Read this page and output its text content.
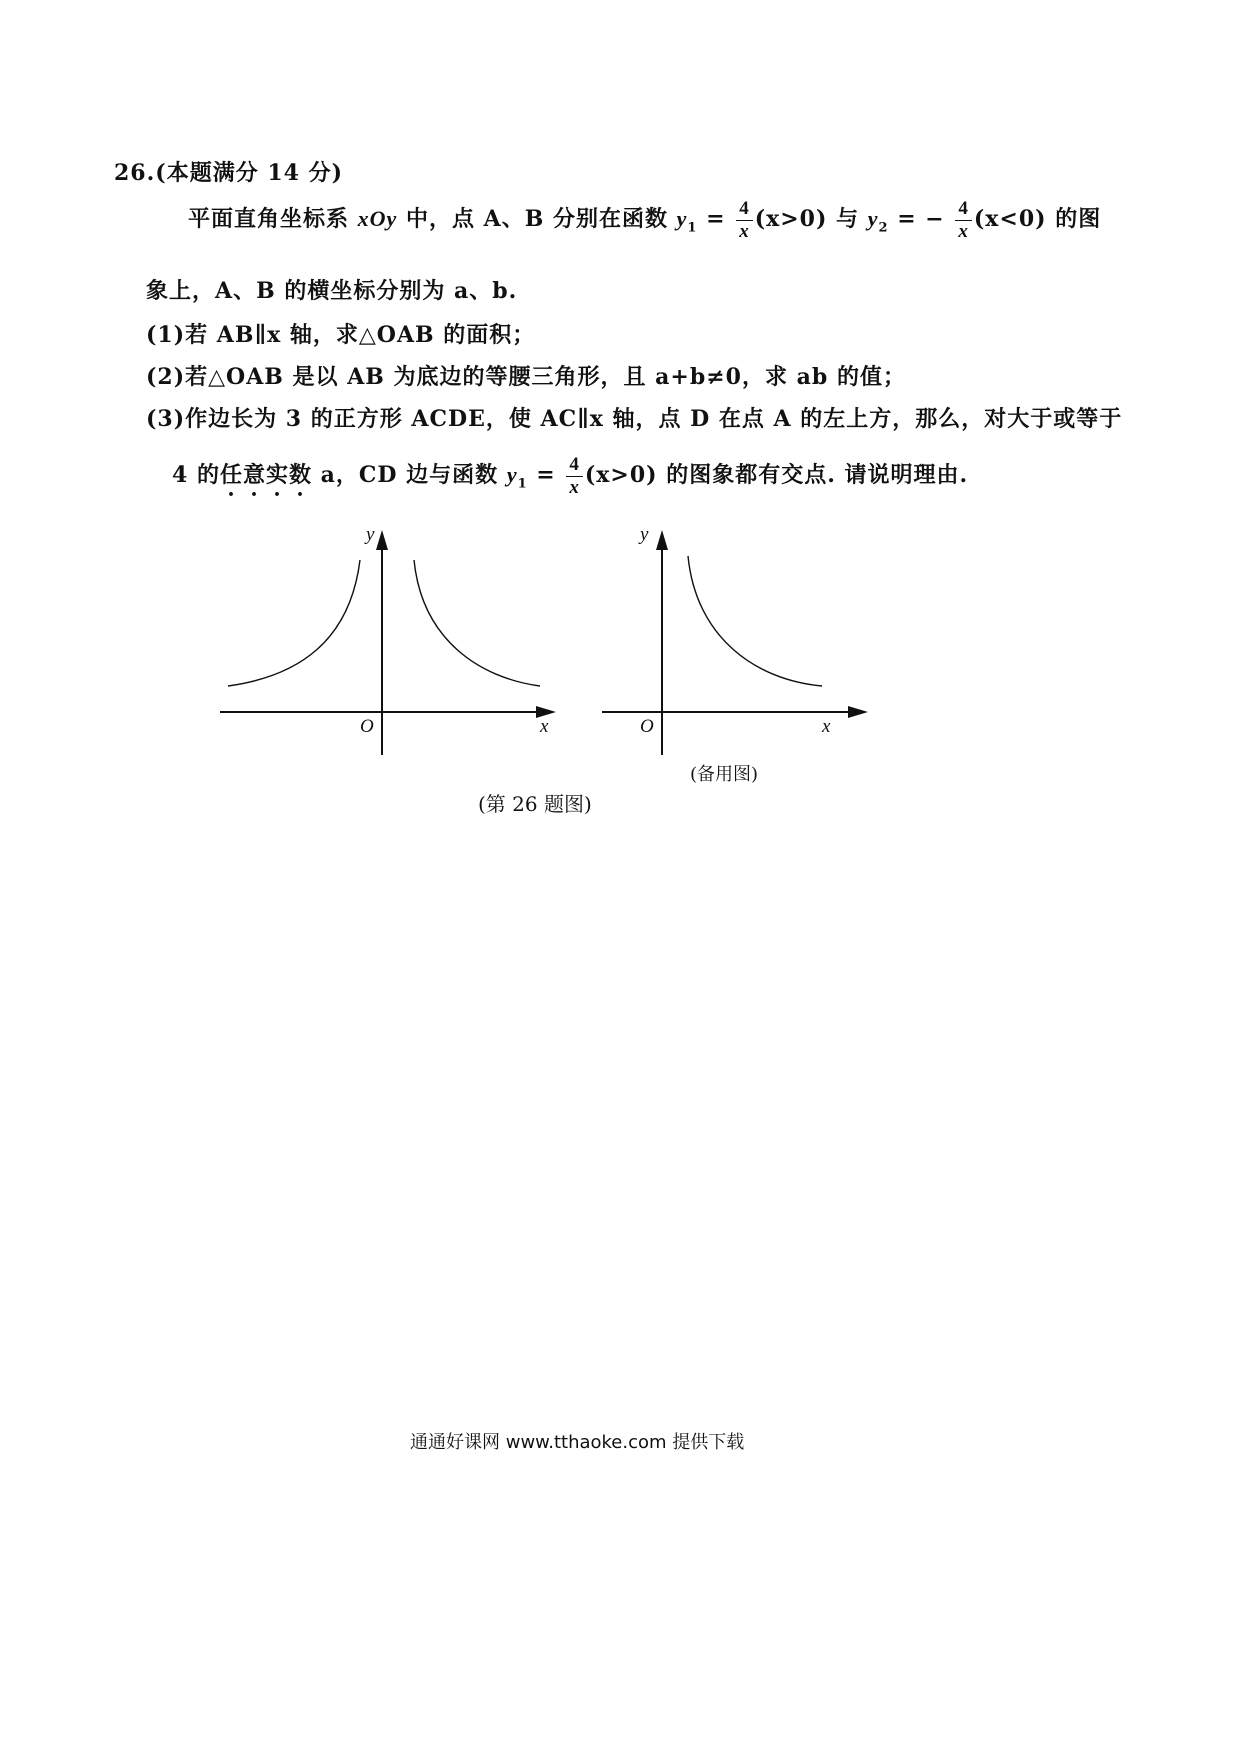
26.(本题满分 14 分)
平面直角坐标系 xOy 中，点 A、B 分别在函数 $y_1 = \frac{4}{x} (x>0)$ 与 $y_2$ = − $\frac{4}{x} (x<0)$ 的图
象上，A、B 的横坐标分别为 a、b.
(1)若 AB∥x 轴，求△OAB 的面积；
(2)若△OAB 是以 AB 为底边的等腰三角形，且 a+b≠0，求 ab 的值；
(3)作边长为 3 的正方形 ACDE，使 AC∥x 轴，点 D 在点 A 的左上方，那么，对大于或等于
4 的任意实数 a，CD 边与函数 $y_1 = \frac{4}{x} (x>0)$ 的图象都有交点. 请说明理由.
y
x
O
y
x
O
(备用图)
(第 26 题图)
通通好课网 www.tthaoke.com 提供下载
